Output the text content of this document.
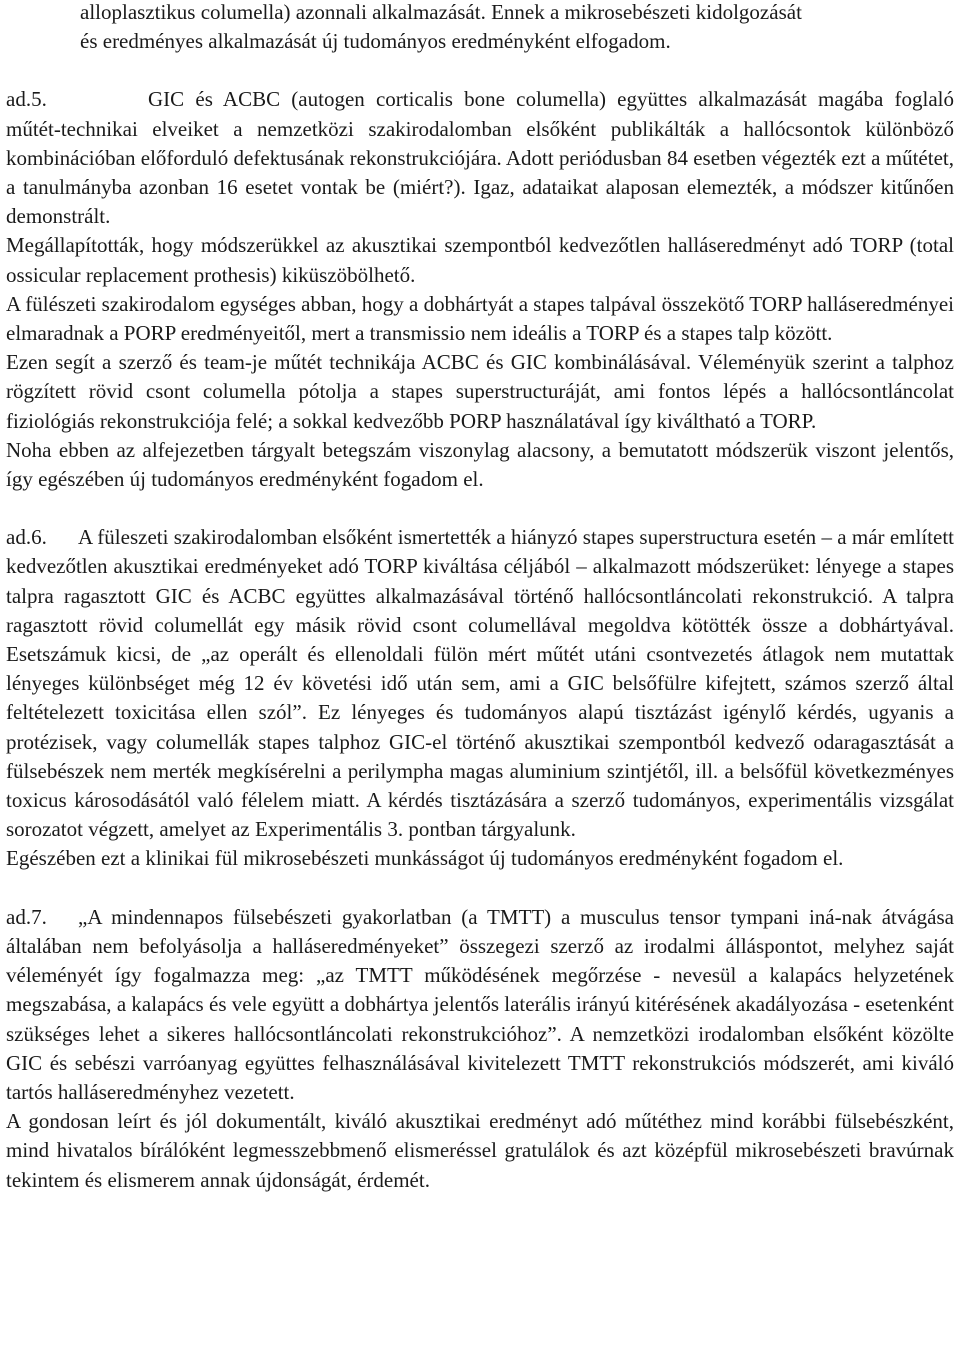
alloplasztikus columella) azonnali alkalmazását. Ennek a mikrosebészeti kidolgozását
és eredményes alkalmazását új tudományos eredményként elfogadom.

ad.5.	GIC és ACBC (autogen corticalis bone columella) együttes alkalmazását magába foglaló műtét-technikai elveiket a nemzetközi szakirodalomban elsőként publikálták a hallócsontok különböző kombinációban előforduló defektusának rekonstrukciójára. Adott periódusban 84 esetben végezték ezt a műtétet, a tanulmányba azonban 16 esetet vontak be (miért?). Igaz, adataikat alaposan elemezték, a módszer kitűnően demonstrált.

Megállapították, hogy módszerükkel az akusztikai szempontból kedvezőtlen halláseredményt adó TORP (total ossicular replacement prothesis) kiküszöbölhető.

A fülészeti szakirodalom egységes abban, hogy a dobhártyát a stapes talpával összekötő TORP halláseredményei elmaradnak a PORP eredményeitől, mert a transmissio nem ideális a TORP és a stapes talp között.

Ezen segít a szerző és team-je műtét technikája ACBC és GIC kombinálásával. Véleményük szerint a talphoz rögzített rövid csont columella pótolja a stapes superstructuráját, ami fontos lépés a hallócsontláncolat fiziológiás rekonstrukciója felé; a sokkal kedvezőbb PORP használatával így kiváltható a TORP.

Noha ebben az alfejezetben tárgyalt betegszám viszonylag alacsony, a bemutatott módszerük viszont jelentős, így egészében új tudományos eredményként fogadom el.

ad.6. A füleszeti szakirodalomban elsőként ismertették a hiányzó stapes superstructura esetén – a már említett kedvezőtlen akusztikai eredményeket adó TORP kiváltása céljából – alkalmazott módszerüket: lényege a stapes talpra ragasztott GIC és ACBC együttes alkalmazásával történő hallócsontláncolati rekonstrukció. A talpra ragasztott rövid columellát egy másik rövid csont columellával megoldva kötötték össze a dobhártyával. Esetszámuk kicsi, de „az operált és ellenoldali fülön mért műtét utáni csontvezetés átlagok nem mutattak lényeges különbséget még 12 év követési idő után sem, ami a GIC belsőfülre kifejtett, számos szerző által feltételezett toxicitása ellen szól”. Ez lényeges és tudományos alapú tisztázást igénylő kérdés, ugyanis a protézisek, vagy columellák stapes talphoz GIC-el történő akusztikai szempontból kedvező odaragasztását a fülsebészek nem merték megkísérelni a perilympha magas aluminium szintjétől, ill. a belsőfül következményes toxicus károsodásától való félelem miatt. A kérdés tisztázására a szerző tudományos, experimentális vizsgálat sorozatot végzett, amelyet az Experimentális 3. pontban tárgyalunk.

Egészében ezt a klinikai fül mikrosebészeti munkásságot új tudományos eredményként fogadom el.

ad.7. „A mindennapos fülsebészeti gyakorlatban (a TMTT) a musculus tensor tympani iná-nak átvágása általában nem befolyásolja a halláseredményeket” összegezi szerző az irodalmi álláspontot, melyhez saját véleményét így fogalmazza meg: „az TMTT működésének megőrzése - nevesül a kalapács helyzetének megszabása, a kalapács és vele együtt a dobhártya jelentős laterális irányú kitérésének akadályozása - esetenként szükséges lehet a sikeres hallócsontláncolati rekonstrukcióhoz”. A nemzetközi irodalomban elsőként közölte GIC és sebészi varróanyag együttes felhasználásával kivitelezett TMTT rekonstrukciós módszerét, ami kiváló tartós halláseredményhez vezetett.

A gondosan leírt és jól dokumentált, kiváló akusztikai eredményt adó műtéthez mind korábbi fülsebészként, mind hivatalos bírálóként legmesszebbmenő elismeréssel gratulálok és azt középfül mikrosebészeti bravúrnak tekintem és elismerem annak újdonságát, érdemét.
